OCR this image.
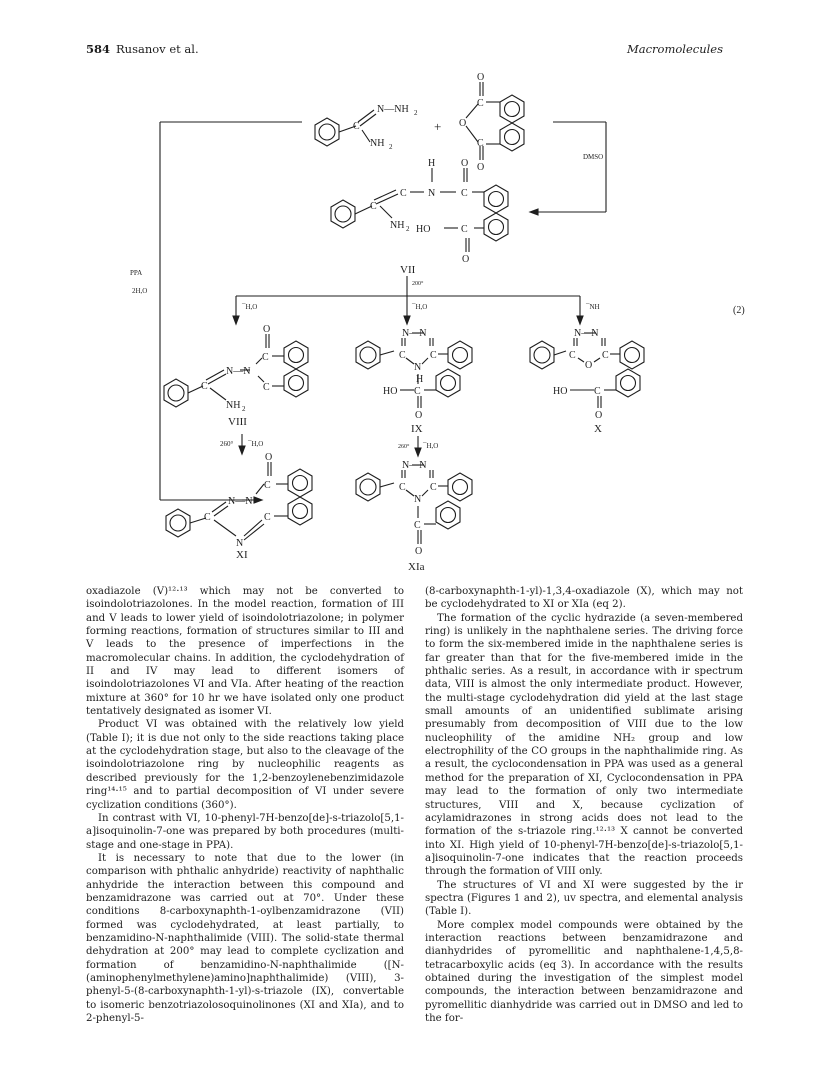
584 Rusanov et al.	Macromolecules
C
N—NH 2
NH 2
+
O
C
O
C
O
DMSO
PPA
2H,O
200°
¯H,O	¯H,O	¯NH
260° ¯H,O	260° ¯H,O
(2)
H	O
C
C N	C
NH 2 HO	C
O
VII
O
C
N—N
C	C
NH 2
VIII
N—N
C C
N
H
HO C
O
IX
N—N
C	C
O
HO	C
O
X
O
C
N—N
C	C
N
XI
N—N
C C
N
C
O
XIa

oxadiazole (V)¹²·¹³ which may not be converted to isoindolotriazolones. In the model reaction, formation of III and V leads to lower yield of isoindolotriazolone; in polymer forming reactions, formation of structures similar to III and V leads to the presence of imperfections in the macromolecular chains. In addition, the cyclodehydration of II and IV may lead to different isomers of isoindolotriazolones VI and VIa. After heating of the reaction mixture at 360° for 10 hr we have isolated only one product tentatively designated as isomer VI.

Product VI was obtained with the relatively low yield (Table I); it is due not only to the side reactions taking place at the cyclodehydration stage, but also to the cleavage of the isoindolotriazolone ring by nucleophilic reagents as described previously for the 1,2-benzoylenebenzimidazole ring¹⁴·¹⁵ and to partial decomposition of VI under severe cyclization conditions (360°).

In contrast with VI, 10-phenyl-7H-benzo[de]-s-triazolo[5,1-a]isoquinolin-7-one was prepared by both procedures (multi-stage and one-stage in PPA).

It is necessary to note that due to the lower (in comparison with phthalic anhydride) reactivity of naphthalic anhydride the interaction between this compound and benzamidrazone was carried out at 70°. Under these conditions 8-carboxynaphth-1-oylbenzamidrazone (VII) formed was cyclodehydrated, at least partially, to benzamidino-N-naphthalimide (VIII). The solid-state thermal dehydration at 200° may lead to complete cyclization and formation of benzamidino-N-naphthalimide ([N-(aminophenylmethylene)amino]naphthalimide) (VIII), 3-phenyl-5-(8-carboxynaphth-1-yl)-s-triazole (IX), convertable to isomeric benzotriazolosoquinolinones (XI and XIa), and to 2-phenyl-5-

(8-carboxynaphth-1-yl)-1,3,4-oxadiazole (X), which may not be cyclodehydrated to XI or XIa (eq 2).

The formation of the cyclic hydrazide (a seven-membered ring) is unlikely in the naphthalene series. The driving force to form the six-membered imide in the naphthalene series is far greater than that for the five-membered imide in the phthalic series. As a result, in accordance with ir spectrum data, VIII is almost the only intermediate product. However, the multi-stage cyclodehydration did yield at the last stage small amounts of an unidentified sublimate arising presumably from decomposition of VIII due to the low nucleophility of the amidine NH₂ group and low electrophility of the CO groups in the naphthalimide ring. As a result, the cyclocondensation in PPA was used as a general method for the preparation of XI, Cyclocondensation in PPA may lead to the formation of only two intermediate structures, VIII and X, because cyclization of acylamidrazones in strong acids does not lead to the formation of the s-triazole ring.¹²·¹³ X cannot be converted into XI. High yield of 10-phenyl-7H-benzo[de]-s-triazolo[5,1-a]isoquinolin-7-one indicates that the reaction proceeds through the formation of VIII only.

The structures of VI and XI were suggested by the ir spectra (Figures 1 and 2), uv spectra, and elemental analysis (Table I).

More complex model compounds were obtained by the interaction reactions between benzamidrazone and dianhydrides of pyromellitic and naphthalene-1,4,5,8-tetracarboxylic acids (eq 3). In accordance with the results obtained during the investigation of the simplest model compounds, the interaction between benzamidrazone and pyromellitic dianhydride was carried out in DMSO and led to the for-
